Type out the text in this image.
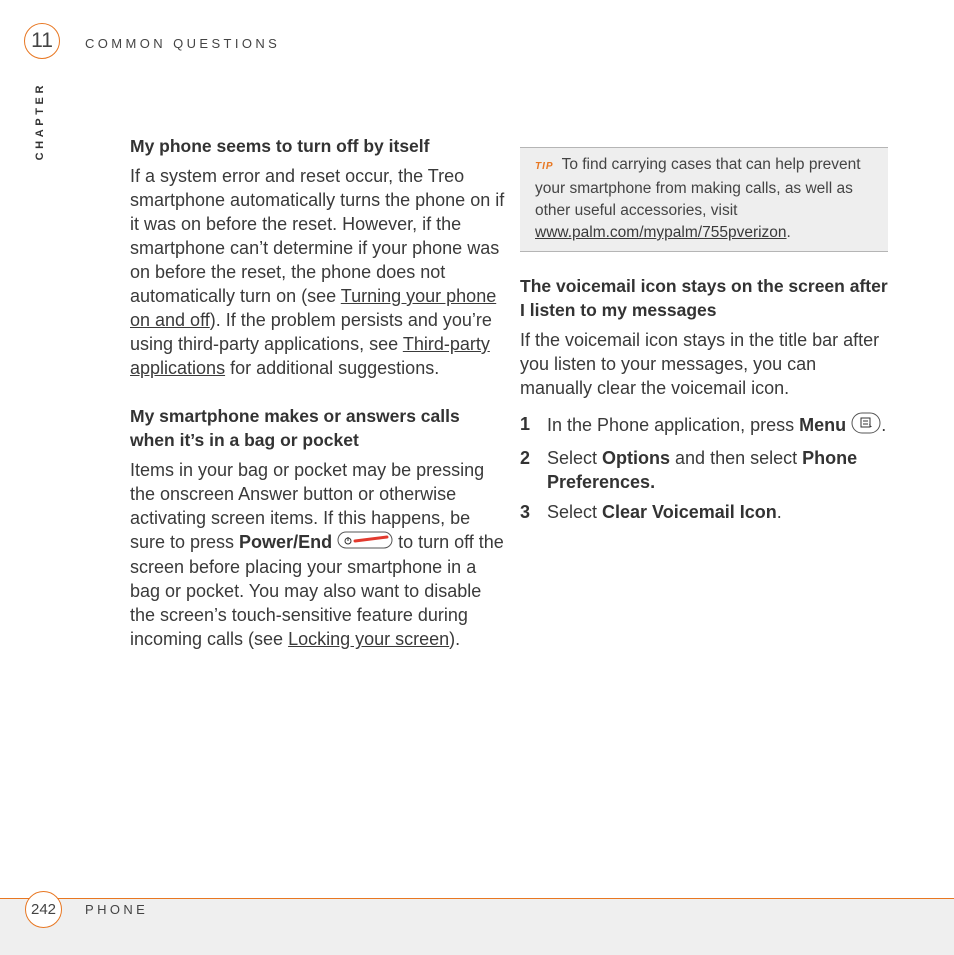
11 COMMON QUESTIONS
CHAPTER	My phone seems to turn off by itself

If a system error and reset occur, the Treo smartphone automatically turns the phone on if it was on before the reset. However, if the smartphone can’t determine if your phone was on before the reset, the phone does not automatically turn on (see Turning your phone on and off). If the problem persists and you’re using third-party applications, see Third-party applications for additional suggestions.

My smartphone makes or answers calls when it’s in a bag or pocket

Items in your bag or pocket may be pressing the onscreen Answer button or otherwise activating screen items. If this happens, be sure to press Power/End	to turn off the screen before placing your smartphone in a bag or pocket. You may also want to disable the screen’s touch-sensitive feature during incoming calls (see Locking your screen).

TIP To find carrying cases that can help prevent your smartphone from making calls, as well as other useful accessories, visit www.palm.com/mypalm/755pverizon.
The voicemail icon stays on the screen after I listen to my messages

If the voicemail icon stays in the title bar after you listen to your messages, you can manually clear the voicemail icon.

1 In the Phone application, press Menu .
2 Select Options and then select Phone Preferences.
3 Select Clear Voicemail Icon.
242 PHONE
